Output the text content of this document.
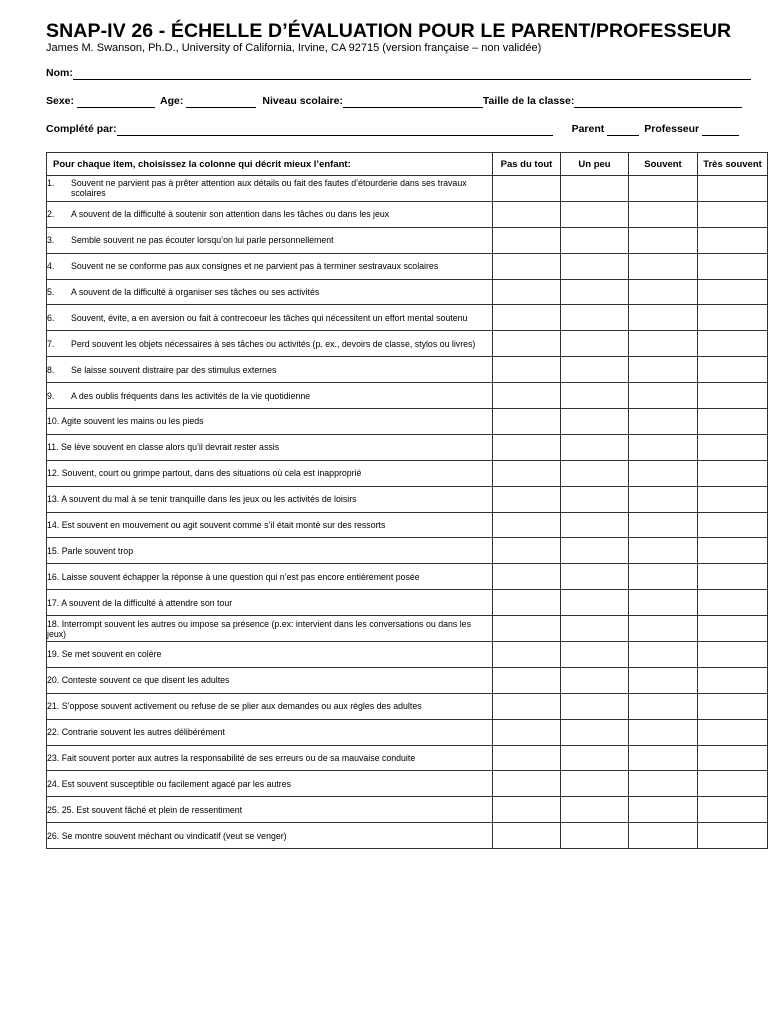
SNAP-IV 26 - ÉCHELLE D’ÉVALUATION POUR LE PARENT/PROFESSEUR
James M. Swanson, Ph.D., University of California, Irvine, CA 92715 (version française – non validée)
Nom:
Sexe:	Age:	Niveau scolaire:	Taille de la classe:
Complété par:	Parent	Professeur
Pour chaque item, choisissez la colonne qui décrit mieux l’enfant:	Pas du tout	Un peu	Souvent	Très souvent

1. Souvent ne parvient pas à prêter attention aux détails ou fait des fautes d’étourderie dans ses travaux scolaires				

2. A souvent de la difficulté à soutenir son attention dans les tâches ou dans les jeux				

3. Semble souvent ne pas écouter lorsqu’on lui parle personnellement				

4. Souvent ne se conforme pas aux consignes et ne parvient pas à terminer sestravaux scolaires				

5. A souvent de la difficulté à organiser ses tâches ou ses activités				

6. Souvent, évite, a en aversion ou fait à contrecoeur les tâches qui nécessitent un effort mental soutenu				

7. Perd souvent les objets nécessaires à ses tâches ou activités (p. ex., devoirs de classe, stylos ou livres)				

8. Se laisse souvent distraire par des stimulus externes				

9. A des oublis fréquents dans les activités de la vie quotidienne				

10. Agite souvent les mains ou les pieds				

11. Se lève souvent en classe alors qu’il devrait rester assis				

12. Souvent, court ou grimpe partout, dans des situations où cela est inapproprié				

13. A souvent du mal à se tenir tranquille dans les jeux ou les activités de loisirs				

14. Est souvent en mouvement ou agit souvent comme s’il était monté sur des ressorts				

15. Parle souvent trop				

16. Laisse souvent échapper la réponse à une question qui n’est pas encore entièrement posée				

17. A souvent de la difficulté à attendre son tour				

18. Interrompt souvent les autres ou impose sa présence (p.ex: intervient dans les conversations ou dans les jeux)				

19. Se met souvent en colère				

20. Conteste souvent ce que disent les adultes				

21. S’oppose souvent activement ou refuse de se plier aux demandes ou aux règles des adultes				

22. Contrarie souvent les autres délibérément				

23. Fait souvent porter aux autres la responsabilité de ses erreurs ou de sa mauvaise conduite				

24. Est souvent susceptible ou facilement agacé par les autres				

25. 25. Est souvent fâché et plein de ressentiment				

26. Se montre souvent méchant ou vindicatif (veut se venger)				
